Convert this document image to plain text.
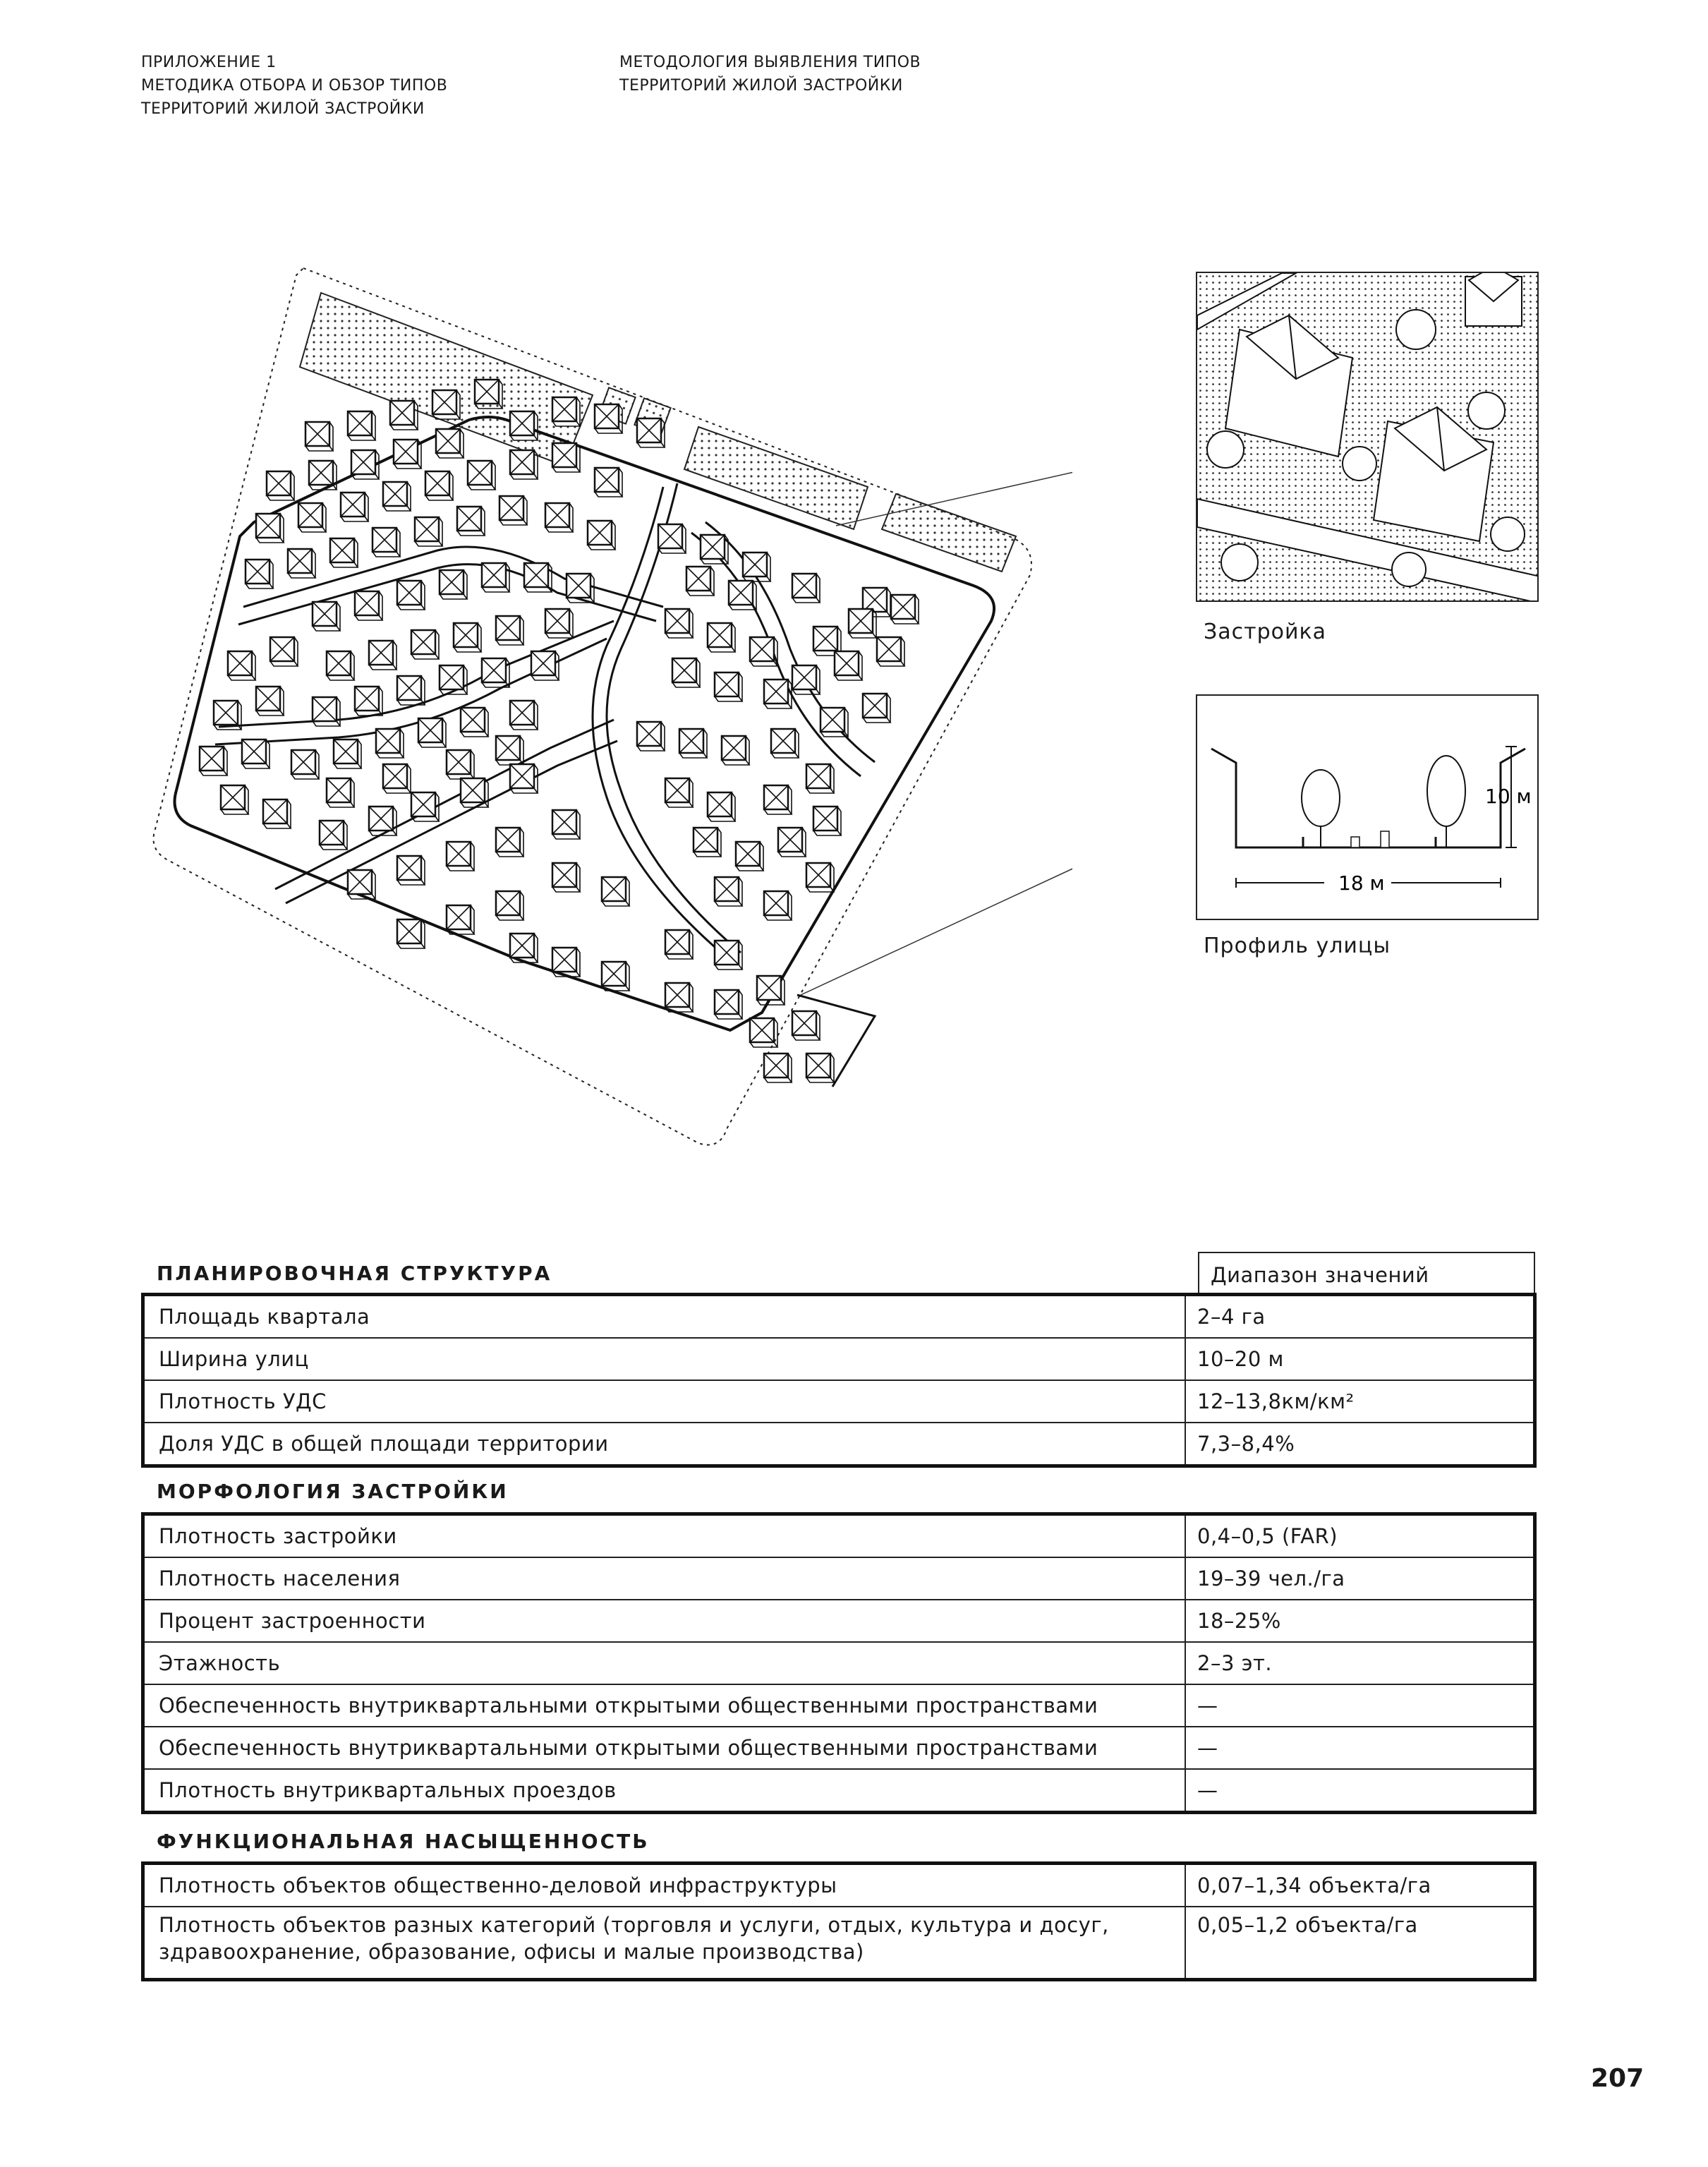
ПРИЛОЖЕНИЕ 1
МЕТОДИКА ОТБОРА И ОБЗОР ТИПОВ
ТЕРРИТОРИЙ ЖИЛОЙ ЗАСТРОЙКИ
МЕТОДОЛОГИЯ ВЫЯВЛЕНИЯ ТИПОВ
ТЕРРИТОРИЙ ЖИЛОЙ ЗАСТРОЙКИ
Застройка
10 м
18 м
Профиль улицы
ПЛАНИРОВОЧНАЯ СТРУКТУРА	Диапазон значений
Площадь квартала	2–4 га
Ширина улиц	10–20 м
Плотность УДС	12–13,8км/км²
Доля УДС в общей площади территории	7,3–8,4%
МОРФОЛОГИЯ ЗАСТРОЙКИ
Плотность застройки	0,4–0,5 (FAR)
Плотность населения	19–39 чел./га
Процент застроенности	18–25%
Этажность	2–3 эт.
Обеспеченность внутриквартальными открытыми общественными пространствами	—
Обеспеченность внутриквартальными открытыми общественными пространствами	—
Плотность внутриквартальных проездов	—
ФУНКЦИОНАЛЬНАЯ НАСЫЩЕННОСТЬ
Плотность объектов общественно-деловой инфраструктуры	0,07–1,34 объекта/га
Плотность объектов разных категорий (торговля и услуги, отдых, культура и досуг, здравоохранение, образование, офисы и малые производства)	0,05–1,2 объекта/га
207
